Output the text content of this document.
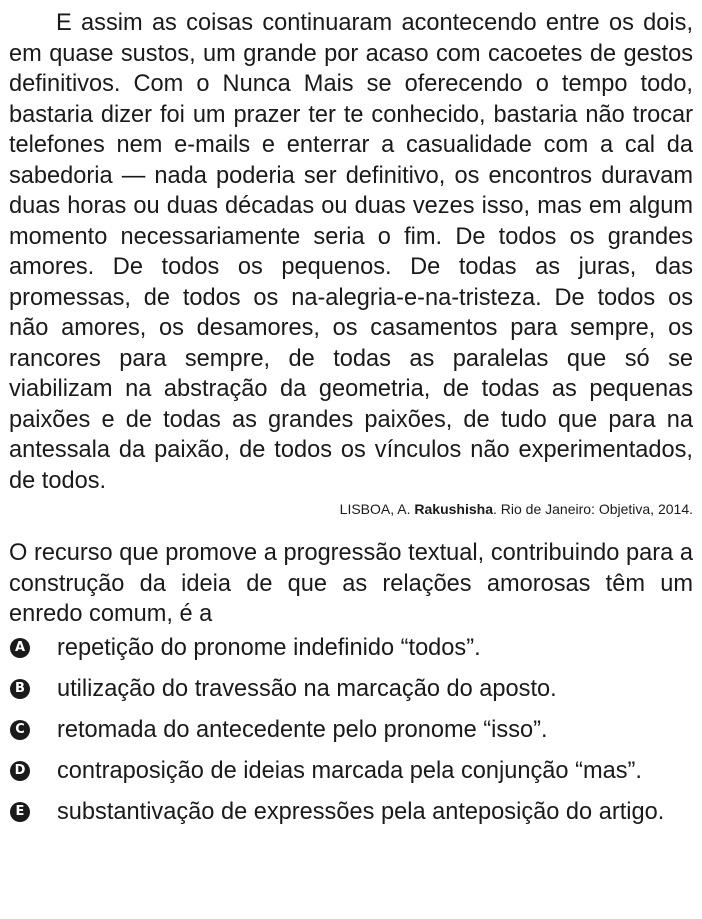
E assim as coisas continuaram acontecendo entre os dois, em quase sustos, um grande por acaso com cacoetes de gestos definitivos. Com o Nunca Mais se oferecendo o tempo todo, bastaria dizer foi um prazer ter te conhecido, bastaria não trocar telefones nem e-mails e enterrar a casualidade com a cal da sabedoria — nada poderia ser definitivo, os encontros duravam duas horas ou duas décadas ou duas vezes isso, mas em algum momento necessariamente seria o fim. De todos os grandes amores. De todos os pequenos. De todas as juras, das promessas, de todos os na-alegria-e-na-tristeza. De todos os não amores, os desamores, os casamentos para sempre, os rancores para sempre, de todas as paralelas que só se viabilizam na abstração da geometria, de todas as pequenas paixões e de todas as grandes paixões, de tudo que para na antessala da paixão, de todos os vínculos não experimentados, de todos.

LISBOA, A. Rakushisha. Rio de Janeiro: Objetiva, 2014.

O recurso que promove a progressão textual, contribuindo para a construção da ideia de que as relações amorosas têm um enredo comum, é a

A repetição do pronome indefinido “todos”.
B utilização do travessão na marcação do aposto.
C retomada do antecedente pelo pronome “isso”.
D contraposição de ideias marcada pela conjunção “mas”.
E substantivação de expressões pela anteposição do artigo.
